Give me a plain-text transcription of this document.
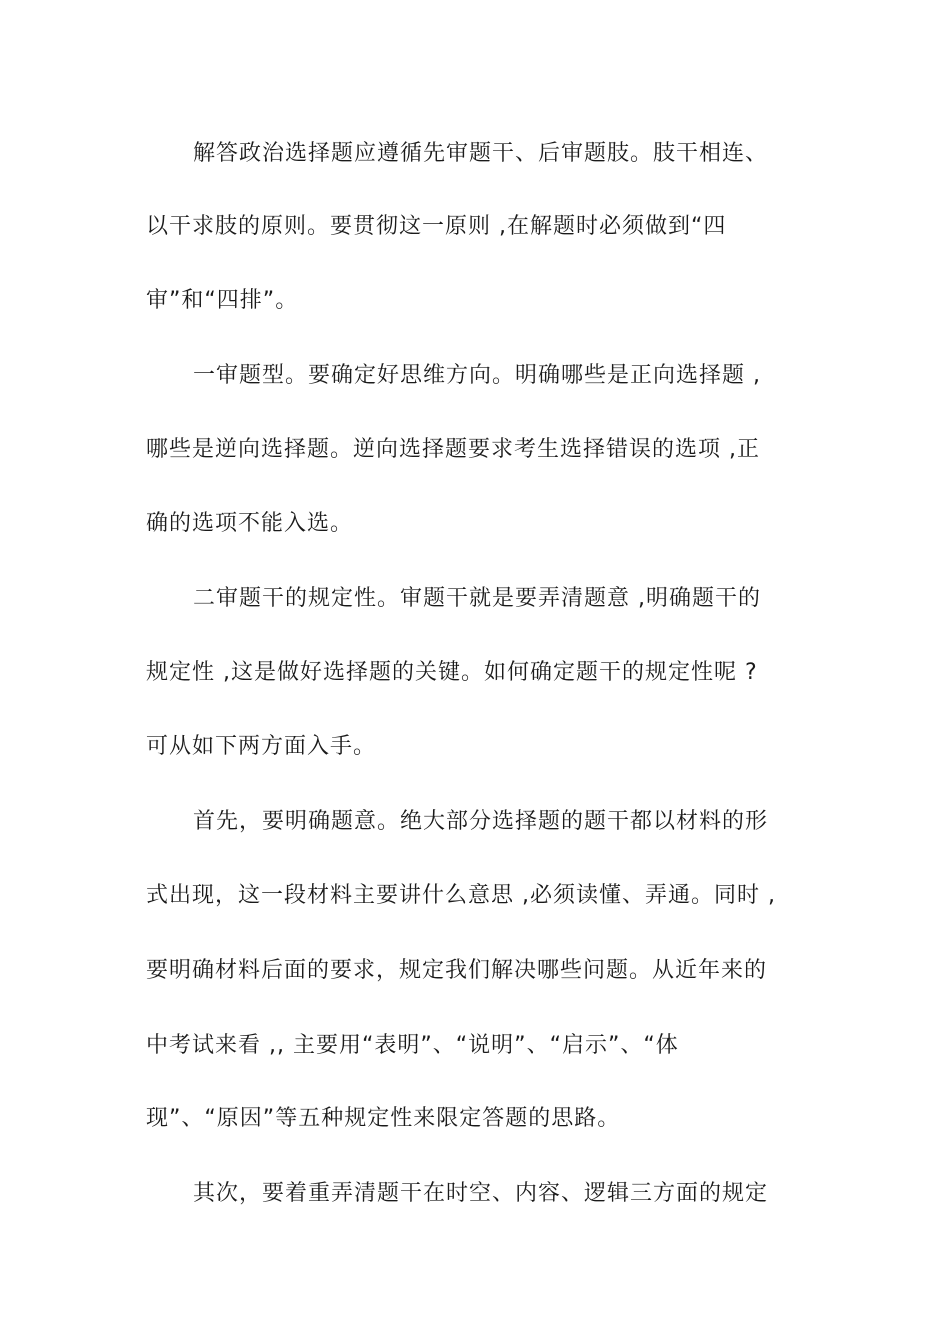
解答政治选择题应遵循先审题干、后审题肢。肢干相连、
以干求肢的原则。要贯彻这一原则 ,在解题时必须做到“四
审”和“四排”。
一审题型。要确定好思维方向。明确哪些是正向选择题 ,
哪些是逆向选择题。逆向选择题要求考生选择错误的选项 ,正
确的选项不能入选。
二审题干的规定性。审题干就是要弄清题意 ,明确题干的
规定性 ,这是做好选择题的关键。如何确定题干的规定性呢 ?
可从如下两方面入手。
首先，要明确题意。绝大部分选择题的题干都以材料的形
式出现，这一段材料主要讲什么意思 ,必须读懂、弄通。同时 ,
要明确材料后面的要求，规定我们解决哪些问题。从近年来的
中考试来看 ,, 主要用“表明”、“说明”、“启示”、“体
现”、“原因”等五种规定性来限定答题的思路。
其次，要着重弄清题干在时空、内容、逻辑三方面的规定
